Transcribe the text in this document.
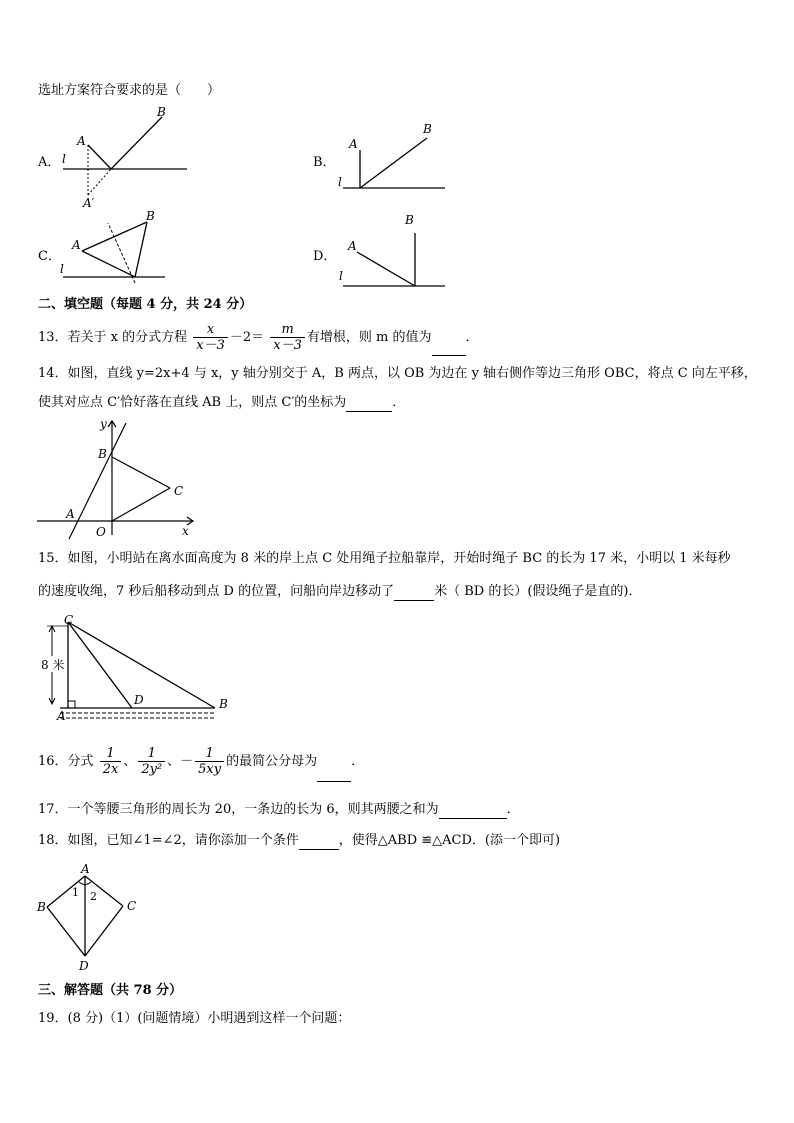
选址方案符合要求的是（　　）
A．
A
B
l
A′
B．
A
B
l
C．
A
B
l
D．
A
B
l
二、填空题（每题 4 分，共 24 分）
13．若关于 x 的分式方程 $\frac{x}{x-3} -2= \frac{m}{x-3}$ 有增根，则 m 的值为	．
14．如图，直线 y=2x+4 与 x，y 轴分别交于 A，B 两点，以 OB 为边在 y 轴右侧作等边三角形 OBC，将点 C 向左平移，
使其对应点 C′恰好落在直线 AB 上，则点 C′的坐标为	．
y
x
B
C
A
O
15．如图，小明站在离水面高度为 8 米的岸上点 C 处用绳子拉船靠岸，开始时绳子 BC 的长为 17 米，小明以 1 米每秒
的速度收绳，7 秒后船移动到点 D 的位置，问船向岸边移动了	米（ BD 的长）(假设绳子是直的)．
8 米
C
D	B
A
16．分式 $\frac{1}{2x}$ 、 $\frac{1}{\text{2y²}}$ 、－ $\frac{1}{5xy}$ 的最简公分母为	．
17．一个等腰三角形的周长为 20，一条边的长为 6，则其两腰之和为	．
18．如图，已知∠1=∠2，请你添加一个条件	，使得△ABD ≌△ACD．(添一个即可)
A
B	C
D
1 2
三、解答题（共 78 分）
19．(8 分)（1）(问题情境）小明遇到这样一个问题：
